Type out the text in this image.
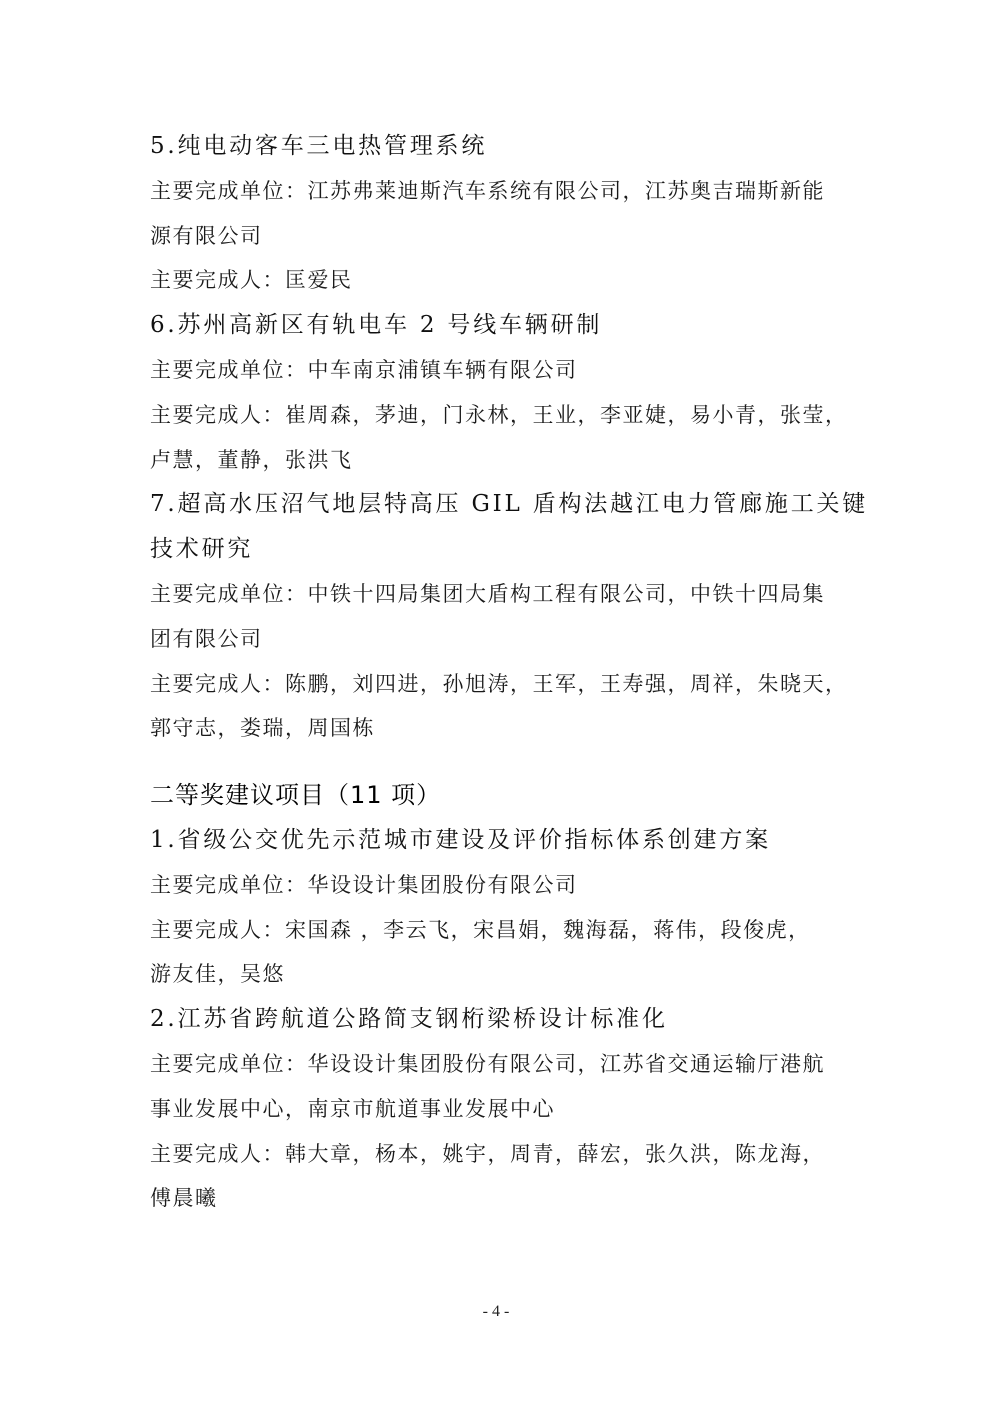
5.纯电动客车三电热管理系统
主要完成单位：江苏弗莱迪斯汽车系统有限公司，江苏奥吉瑞斯新能
源有限公司
主要完成人：匡爱民
6.苏州高新区有轨电车 2 号线车辆研制
主要完成单位：中车南京浦镇车辆有限公司
主要完成人：崔周森，茅迪，门永林，王业，李亚婕，易小青，张莹，
卢慧，董静，张洪飞
7.超高水压沼气地层特高压 GIL 盾构法越江电力管廊施工关键
技术研究
主要完成单位：中铁十四局集团大盾构工程有限公司，中铁十四局集
团有限公司
主要完成人：陈鹏，刘四进，孙旭涛，王军，王寿强，周祥，朱晓天，
郭守志，娄瑞，周国栋
二等奖建议项目（11 项）
1.省级公交优先示范城市建设及评价指标体系创建方案
主要完成单位：华设设计集团股份有限公司
主要完成人：宋国森 ，李云飞，宋昌娟，魏海磊，蒋伟，段俊虎，
游友佳，吴悠
2.江苏省跨航道公路简支钢桁梁桥设计标准化
主要完成单位：华设设计集团股份有限公司，江苏省交通运输厅港航
事业发展中心，南京市航道事业发展中心
主要完成人：韩大章，杨本，姚宇，周青，薛宏，张久洪，陈龙海，
傅晨曦
- 4 -
